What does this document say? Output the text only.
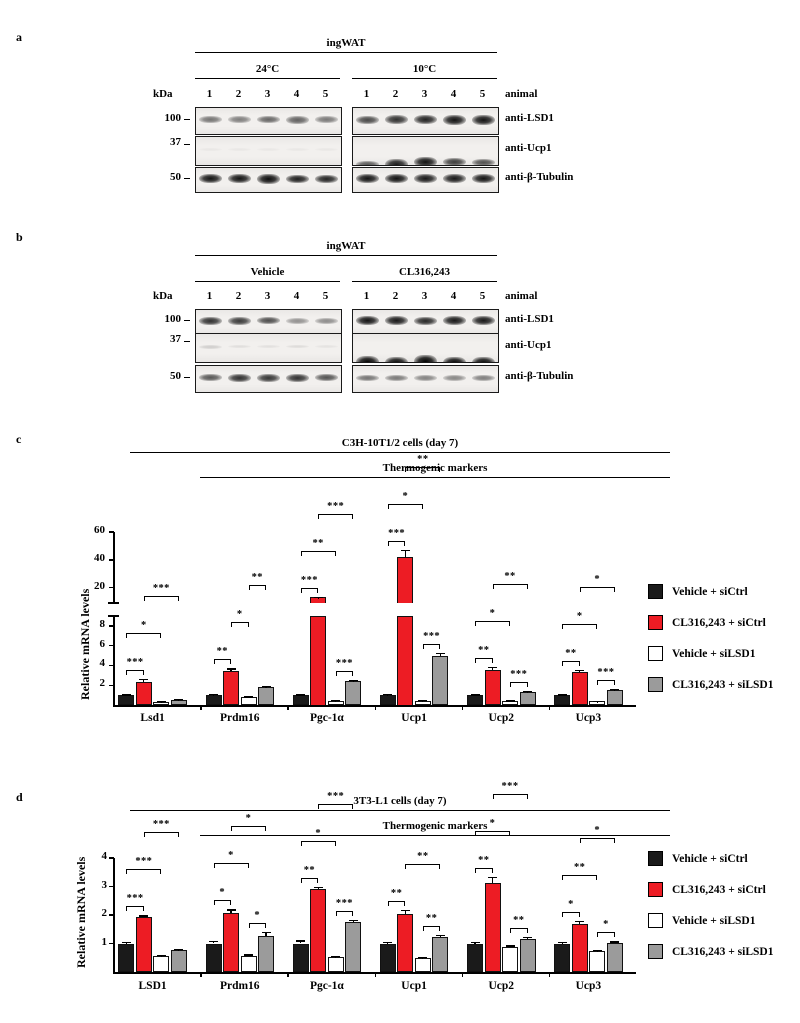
a	ingWAT
24°C	10°C
kDa	animal
1	2	3	4	5	1	2	3	4	5
100	anti-LSD1
37	anti-Ucp1
50	anti-β-Tubulin
b
ingWAT
Vehicle	CL316,243
kDa	animal
1	2	3	4	5	1	2	3	4	5
100	anti-LSD1
37	anti-Ucp1
50	anti-β-Tubulin
c	C3H-10T1/2 cells (day 7)
Thermogenic markers
Relative mRNA levels
20
40
60
2
4
6
8
Lsd1	Prdm16	Pgc-1α	Ucp1	Ucp2	Ucp3
***
*
***
**
*
**	***
***
**
***
***
***
*
**
**
***
*
**
**
***
*
*
Vehicle + siCtrl
CL316,243 + siCtrl
Vehicle + siLSD1
CL316,243 + siLSD1
d	3T3-L1 cells (day 7)
Thermogenic markers
Relative mRNA levels	1
2
3
4
LSD1	Prdm16	Pgc-1α	Ucp1	Ucp2	Ucp3
***
***
***
*
*
*
*
**
***
*
***
**
**
**	**
**
*
***
*
*
**
*
Vehicle + siCtrl
CL316,243 + siCtrl
Vehicle + siLSD1
CL316,243 + siLSD1
